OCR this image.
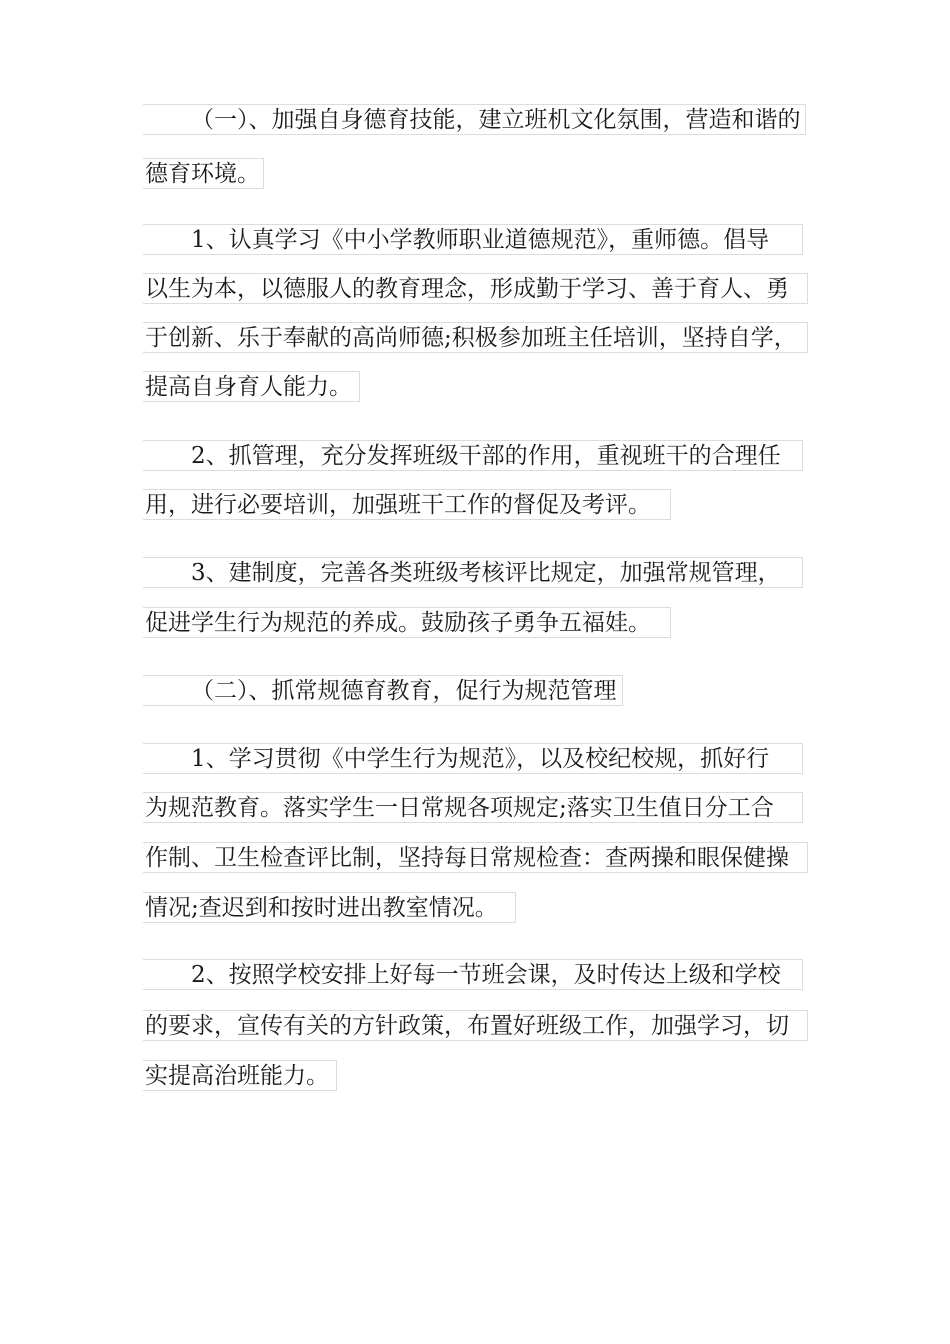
（一）、加强自身德育技能，建立班机文化氛围，营造和谐的
德育环境。
1、认真学习《中小学教师职业道德规范》，重师德。倡导
以生为本，以德服人的教育理念，形成勤于学习、善于育人、勇
于创新、乐于奉献的高尚师德;积极参加班主任培训，坚持自学，
提高自身育人能力。
2、抓管理，充分发挥班级干部的作用，重视班干的合理任
用，进行必要培训，加强班干工作的督促及考评。
3、建制度，完善各类班级考核评比规定，加强常规管理，
促进学生行为规范的养成。鼓励孩子勇争五福娃。
（二）、抓常规德育教育，促行为规范管理
1、学习贯彻《中学生行为规范》，以及校纪校规，抓好行
为规范教育。落实学生一日常规各项规定;落实卫生值日分工合
作制、卫生检查评比制，坚持每日常规检查：查两操和眼保健操
情况;查迟到和按时进出教室情况。
2、按照学校安排上好每一节班会课，及时传达上级和学校
的要求，宣传有关的方针政策，布置好班级工作，加强学习，切
实提高治班能力。
